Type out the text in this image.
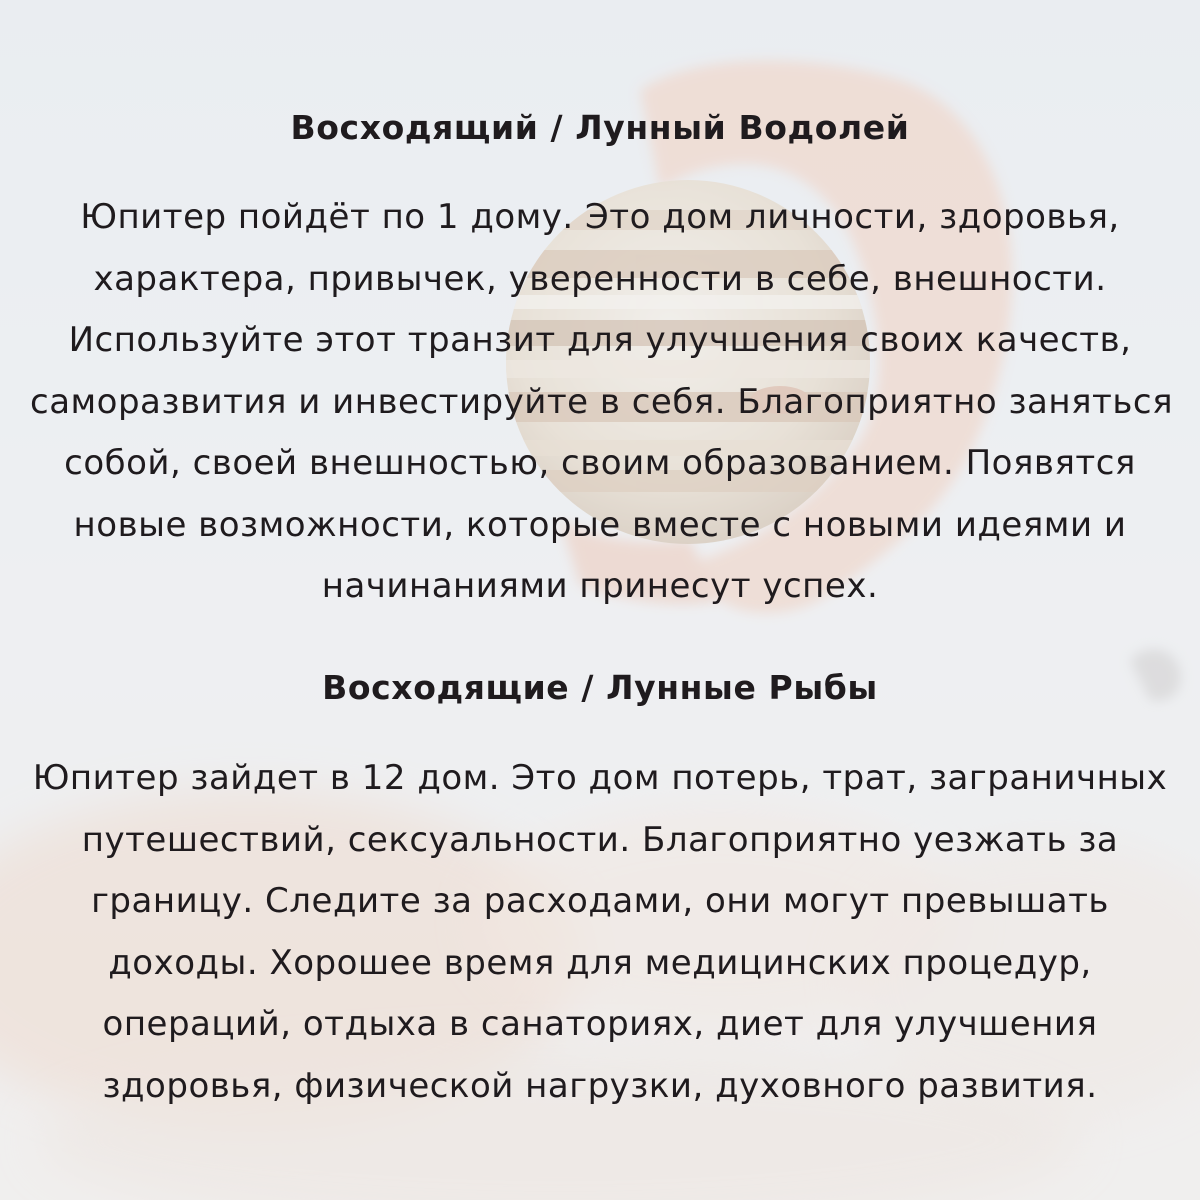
Восходящий / Лунный Водолей

Юпитер пойдёт по 1 дому. Это дом личности, здоровья,
характера, привычек, уверенности в себе, внешности.
Используйте этот транзит для улучшения своих качеств,
саморазвития и инвестируйте в себя. Благоприятно заняться
собой, своей внешностью, своим образованием. Появятся
новые возможности, которые вместе с новыми идеями и
начинаниями принесут успех.

Восходящие / Лунные Рыбы

Юпитер зайдет в 12 дом. Это дом потерь, трат, заграничных
путешествий, сексуальности. Благоприятно уезжать за
границу. Следите за расходами, они могут превышать
доходы. Хорошее время для медицинских процедур,
операций, отдыха в санаториях, диет для улучшения
здоровья, физической нагрузки, духовного развития.
